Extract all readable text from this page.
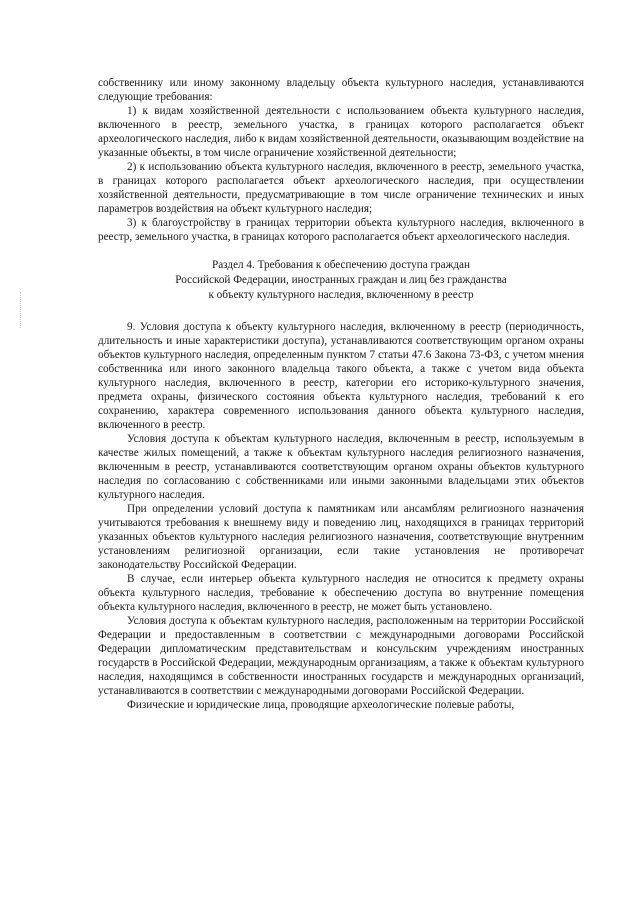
собственнику или иному законному владельцу объекта культурного наследия, устанавливаются следующие требования:

1) к видам хозяйственной деятельности с использованием объекта культурного наследия, включенного в реестр, земельного участка, в границах которого располагается объект археологического наследия, либо к видам хозяйственной деятельности, оказывающим воздействие на указанные объекты, в том числе ограничение хозяйственной деятельности;

2) к использованию объекта культурного наследия, включенного в реестр, земельного участка, в границах которого располагается объект археологического наследия, при осуществлении хозяйственной деятельности, предусматривающие в том числе ограничение технических и иных параметров воздействия на объект культурного наследия;

3) к благоустройству в границах территории объекта культурного наследия, включенного в реестр, земельного участка, в границах которого располагается объект археологического наследия.

Раздел 4. Требования к обеспечению доступа граждан
Российской Федерации, иностранных граждан и лиц без гражданства
к объекту культурного наследия, включенному в реестр

9. Условия доступа к объекту культурного наследия, включенному в реестр (периодичность, длительность и иные характеристики доступа), устанавливаются соответствующим органом охраны объектов культурного наследия, определенным пунктом 7 статьи 47.6 Закона 73-ФЗ, с учетом мнения собственника или иного законного владельца такого объекта, а также с учетом вида объекта культурного наследия, включенного в реестр, категории его историко-культурного значения, предмета охраны, физического состояния объекта культурного наследия, требований к его сохранению, характера современного использования данного объекта культурного наследия, включенного в реестр.

Условия доступа к объектам культурного наследия, включенным в реестр, используемым в качестве жилых помещений, а также к объектам культурного наследия религиозного назначения, включенным в реестр, устанавливаются соответствующим органом охраны объектов культурного наследия по согласованию с собственниками или иными законными владельцами этих объектов культурного наследия.

При определении условий доступа к памятникам или ансамблям религиозного назначения учитываются требования к внешнему виду и поведению лиц, находящихся в границах территорий указанных объектов культурного наследия религиозного назначения, соответствующие внутренним установлениям религиозной организации, если такие установления не противоречат законодательству Российской Федерации.

В случае, если интерьер объекта культурного наследия не относится к предмету охраны объекта культурного наследия, требование к обеспечению доступа во внутренние помещения объекта культурного наследия, включенного в реестр, не может быть установлено.

Условия доступа к объектам культурного наследия, расположенным на территории Российской Федерации и предоставленным в соответствии с международными договорами Российской Федерации дипломатическим представительствам и консульским учреждениям иностранных государств в Российской Федерации, международным организациям, а также к объектам культурного наследия, находящимся в собственности иностранных государств и международных организаций, устанавливаются в соответствии с международными договорами Российской Федерации.

Физические и юридические лица, проводящие археологические полевые работы,
